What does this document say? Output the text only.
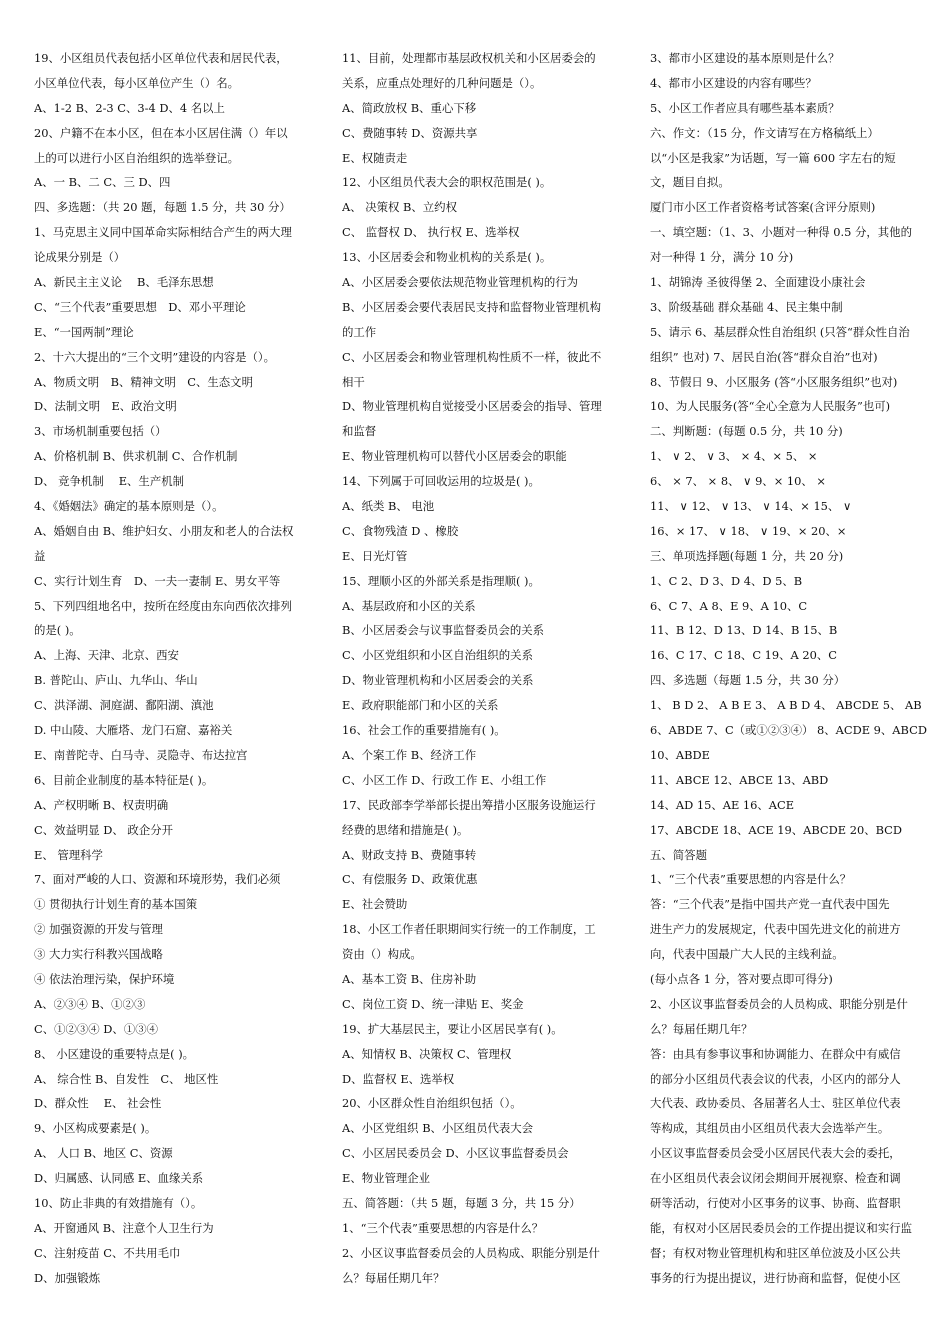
19、小区组员代表包括小区单位代表和居民代表，
小区单位代表，每小区单位产生（）名。
A、1-2 B、2-3 C、3-4 D、4 名以上
20、户籍不在本小区，但在本小区居住满（）年以
上的可以进行小区自治组织的选举登记。
A、一 B、二 C、三 D、四
四、多选题：（共 20 题，每题 1.5 分，共 30 分）
1、马克思主义同中国革命实际相结合产生的两大理
论成果分别是（）
A、新民主主义论　 B、毛泽东思想
C、“三个代表”重要思想　D、邓小平理论
E、“一国两制”理论
2、十六大提出的“三个文明”建设的内容是（）。
A、物质文明　B、精神文明　C、生态文明
D、法制文明　E、政治文明
3、市场机制重要包括（）
A、价格机制 B、供求机制 C、合作机制
D、 竞争机制　 E、生产机制
4、《婚姻法》确定的基本原则是（）。
A、婚姻自由 B、维护妇女、小朋友和老人的合法权
益
C、实行计划生育　D、一夫一妻制 E、男女平等
5、下列四组地名中，按所在经度由东向西依次排列
的是( )。
A、上海、天津、北京、西安
B. 普陀山、庐山、九华山、华山
C、洪泽湖、洞庭湖、鄱阳湖、滇池
D. 中山陵、大雁塔、龙门石窟、嘉裕关
E、南普陀寺、白马寺、灵隐寺、布达拉宫
6、目前企业制度的基本特征是( )。
A、产权明晰 B、权责明确
C、效益明显 D、 政企分开
E、 管理科学
7、面对严峻的人口、资源和环境形势，我们必须
① 贯彻执行计划生育的基本国策
② 加强资源的开发与管理
③ 大力实行科教兴国战略
④ 依法治理污染，保护环境
A、②③④ B、①②③
C、①②③④ D、①③④
8、 小区建设的重要特点是( )。
A、 综合性 B、自发性　C、 地区性
D、群众性　 E、 社会性
9、小区构成要素是( )。
A、 人口 B、地区 C、资源
D、归属感、认同感 E、血缘关系
10、防止非典的有效措施有（）。
A、开窗通风 B、注意个人卫生行为
C、注射疫苗 C、不共用毛巾
D、加强锻炼
11、目前，处理都市基层政权机关和小区居委会的
关系，应重点处理好的几种问题是（）。
A、简政放权 B、重心下移
C、费随事转 D、资源共享
E、权随责走
12、小区组员代表大会的职权范围是( )。
A、 决策权 B、立约权
C、 监督权 D、 执行权 E、选举权
13、小区居委会和物业机构的关系是( )。
A、小区居委会要依法规范物业管理机构的行为
B、小区居委会要代表居民支持和监督物业管理机构
的工作
C、小区居委会和物业管理机构性质不一样，彼此不
相干
D、物业管理机构自觉接受小区居委会的指导、管理
和监督
E、物业管理机构可以替代小区居委会的职能
14、下列属于可回收运用的垃圾是( )。
A、纸类 B、 电池
C、食物残渣 D 、橡胶
E、日光灯管
15、理顺小区的外部关系是指理顺( )。
A、基层政府和小区的关系
B、小区居委会与议事监督委员会的关系
C、小区党组织和小区自治组织的关系
D、物业管理机构和小区居委会的关系
E、政府职能部门和小区的关系
16、社会工作的重要措施有( )。
A、个案工作 B、经济工作
C、小区工作 D、行政工作 E、小组工作
17、民政部李学举部长提出筹措小区服务设施运行
经费的思绪和措施是( )。
A、财政支持 B、费随事转
C、有偿服务 D、政策优惠
E、社会赞助
18、小区工作者任职期间实行统一的工作制度，工
资由（）构成。
A、基本工资 B、住房补助
C、岗位工资 D、统一津贴 E、奖金
19、扩大基层民主，要让小区居民享有( )。
A、知情权 B、决策权 C、管理权
D、监督权 E、选举权
20、小区群众性自治组织包括（）。
A、小区党组织 B、小区组员代表大会
C、小区居民委员会 D、小区议事监督委员会
E、物业管理企业
五、简答题：（共 5 题，每题 3 分，共 15 分）
1、“三个代表”重要思想的内容是什么？
2、小区议事监督委员会的人员构成、职能分别是什
么？每届任期几年？
3、都市小区建设的基本原则是什么？
4、都市小区建设的内容有哪些？
5、小区工作者应具有哪些基本素质？
六、作文：（15 分，作文请写在方格稿纸上）
以“小区是我家”为话题，写一篇 600 字左右的短
文，题目自拟。
厦门市小区工作者资格考试答案(含评分原则)
一、填空题：（1、3、小题对一种得 0.5 分，其他的
对一种得 1 分，满分 10 分)
1、胡锦涛 圣彼得堡 2、全面建设小康社会
3、阶级基础 群众基础 4、民主集中制
5、请示 6、基层群众性自治组织 (只答“群众性自治
组织” 也对) 7、居民自治(答“群众自治”也对)
8、节假日 9、小区服务 (答“小区服务组织”也对)
10、为人民服务(答“全心全意为人民服务”也可)
二、判断题：(每题 0.5 分，共 10 分)
1、 ∨ 2、 ∨ 3、 × 4、× 5、 ×
6、 × 7、 × 8、 ∨ 9、× 10、 ×
11、 ∨ 12、 ∨ 13、 ∨ 14、× 15、 ∨
16、× 17、 ∨ 18、 ∨ 19、× 20、×
三、单项选择题(每题 1 分，共 20 分)
1、C 2、D 3、D 4、D 5、B
6、C 7、A 8、E 9、A 10、C
11、B 12、D 13、D 14、B 15、B
16、C 17、C 18、C 19、A 20、C
四、多选题（每题 1.5 分，共 30 分）
1、 B D 2、 A B E 3、 A B D 4、 ABCDE 5、 AB
6、ABDE 7、C（或①②③④） 8、ACDE 9、ABCD
10、ABDE
11、ABCE 12、ABCE 13、ABD
14、AD 15、AE 16、ACE
17、ABCDE 18、ACE 19、ABCDE 20、BCD
五、简答题
1、“三个代表”重要思想的内容是什么？
答：“三个代表”是指中国共产党一直代表中国先
进生产力的发展规定，代表中国先进文化的前进方
向，代表中国最广大人民的主线利益。
(每小点各 1 分，答对要点即可得分)
2、小区议事监督委员会的人员构成、职能分别是什
么？每届任期几年？
答：由具有参事议事和协调能力、在群众中有威信
的部分小区组员代表会议的代表，小区内的部分人
大代表、政协委员、各届著名人士、驻区单位代表
等构成，其组员由小区组员代表大会选举产生。
小区议事监督委员会受小区居民代表大会的委托，
在小区组员代表会议闭会期间开展视察、检查和调
研等活动，行使对小区事务的议事、协商、监督职
能，有权对小区居民委员会的工作提出提议和实行监
督；有权对物业管理机构和驻区单位波及小区公共
事务的行为提出提议，进行协商和监督，促使小区
